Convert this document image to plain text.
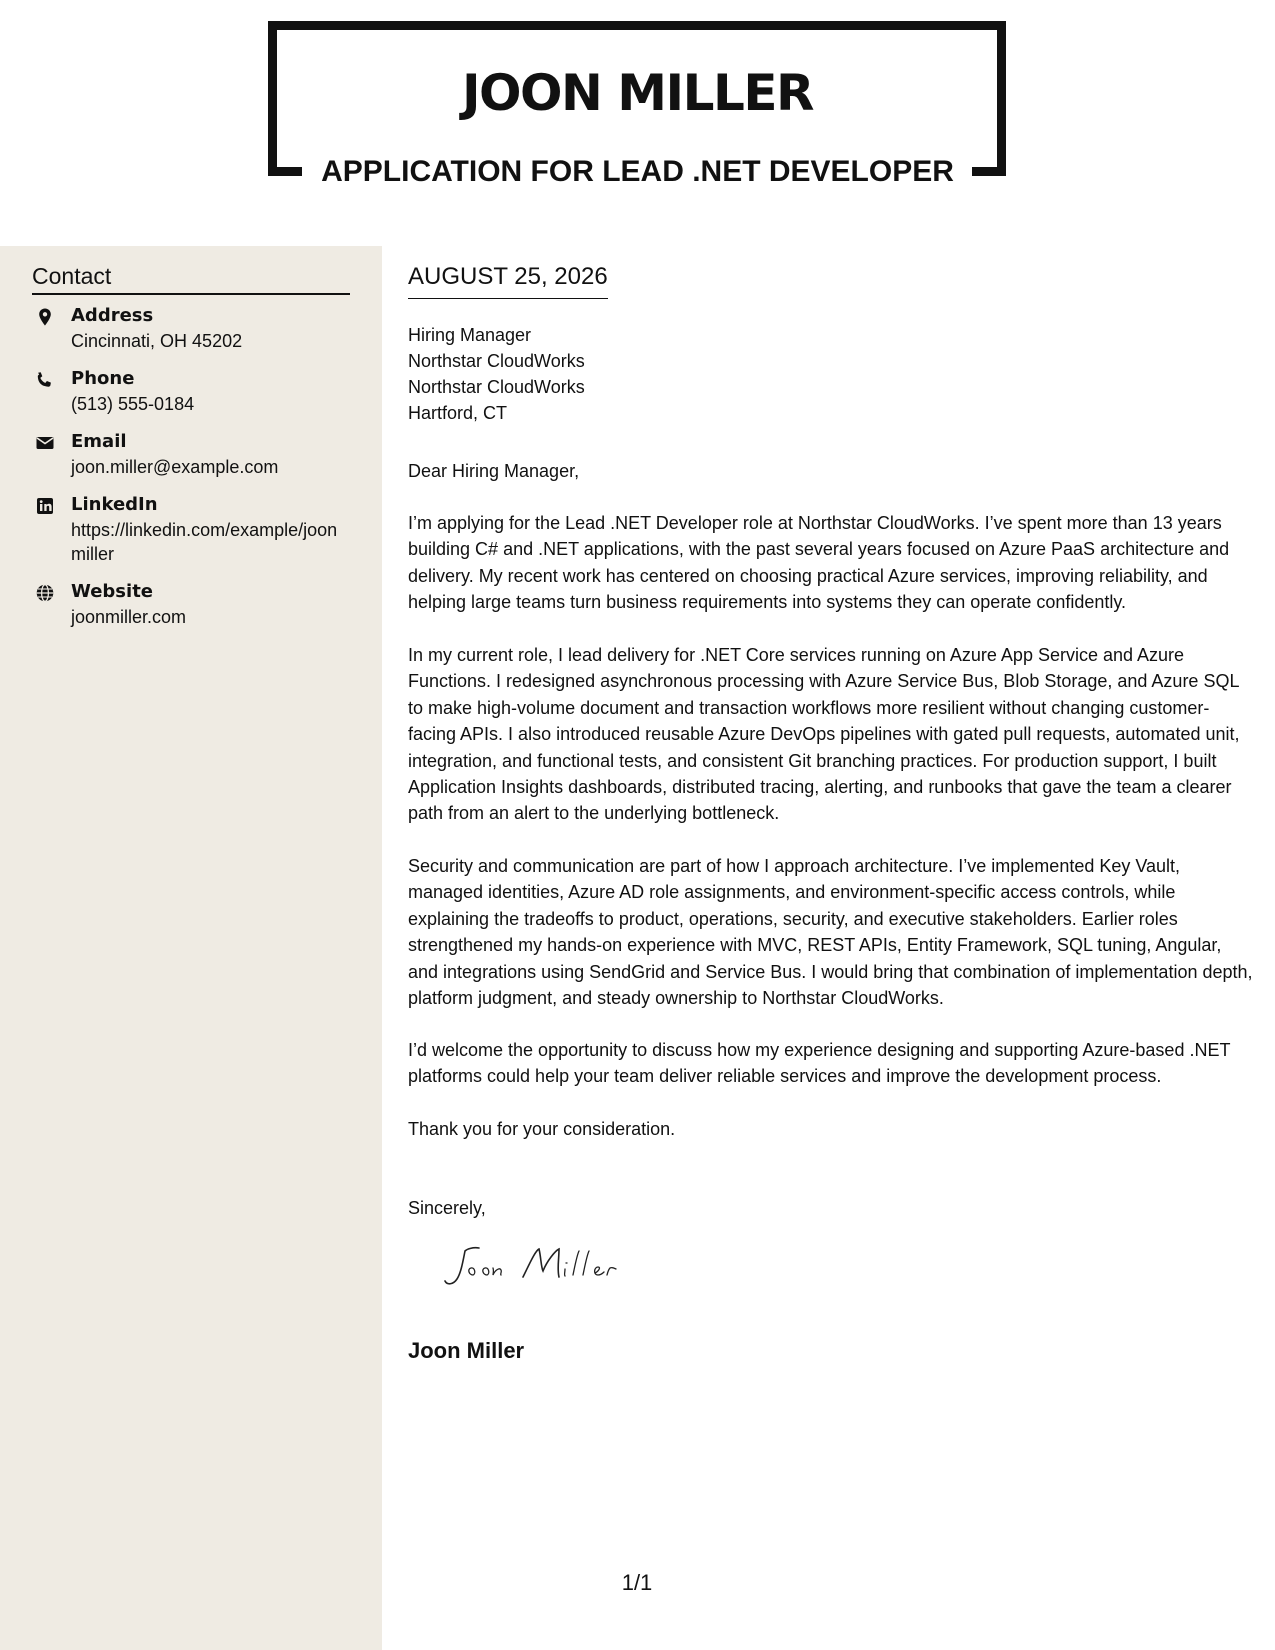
JOON MILLER
APPLICATION FOR LEAD .NET DEVELOPER
Contact
Address
Cincinnati, OH 45202
Phone
(513) 555-0184
Email
joon.miller@example.com
LinkedIn
https://linkedin.com/example/joonmiller
Website
joonmiller.com
AUGUST 25, 2026
Hiring Manager
Northstar CloudWorks
Northstar CloudWorks
Hartford, CT
Dear Hiring Manager,
I’m applying for the Lead .NET Developer role at Northstar CloudWorks. I’ve spent more than 13 years building C# and .NET applications, with the past several years focused on Azure PaaS architecture and delivery. My recent work has centered on choosing practical Azure services, improving reliability, and helping large teams turn business requirements into systems they can operate confidently.
In my current role, I lead delivery for .NET Core services running on Azure App Service and Azure Functions. I redesigned asynchronous processing with Azure Service Bus, Blob Storage, and Azure SQL to make high-volume document and transaction workflows more resilient without changing customer-facing APIs. I also introduced reusable Azure DevOps pipelines with gated pull requests, automated unit, integration, and functional tests, and consistent Git branching practices. For production support, I built Application Insights dashboards, distributed tracing, alerting, and runbooks that gave the team a clearer path from an alert to the underlying bottleneck.
Security and communication are part of how I approach architecture. I’ve implemented Key Vault, managed identities, Azure AD role assignments, and environment-specific access controls, while explaining the tradeoffs to product, operations, security, and executive stakeholders. Earlier roles strengthened my hands-on experience with MVC, REST APIs, Entity Framework, SQL tuning, Angular, and integrations using SendGrid and Service Bus. I would bring that combination of implementation depth, platform judgment, and steady ownership to Northstar CloudWorks.
I’d welcome the opportunity to discuss how my experience designing and supporting Azure-based .NET platforms could help your team deliver reliable services and improve the development process.
Thank you for your consideration.
Sincerely,
Joon Miller
1/1
